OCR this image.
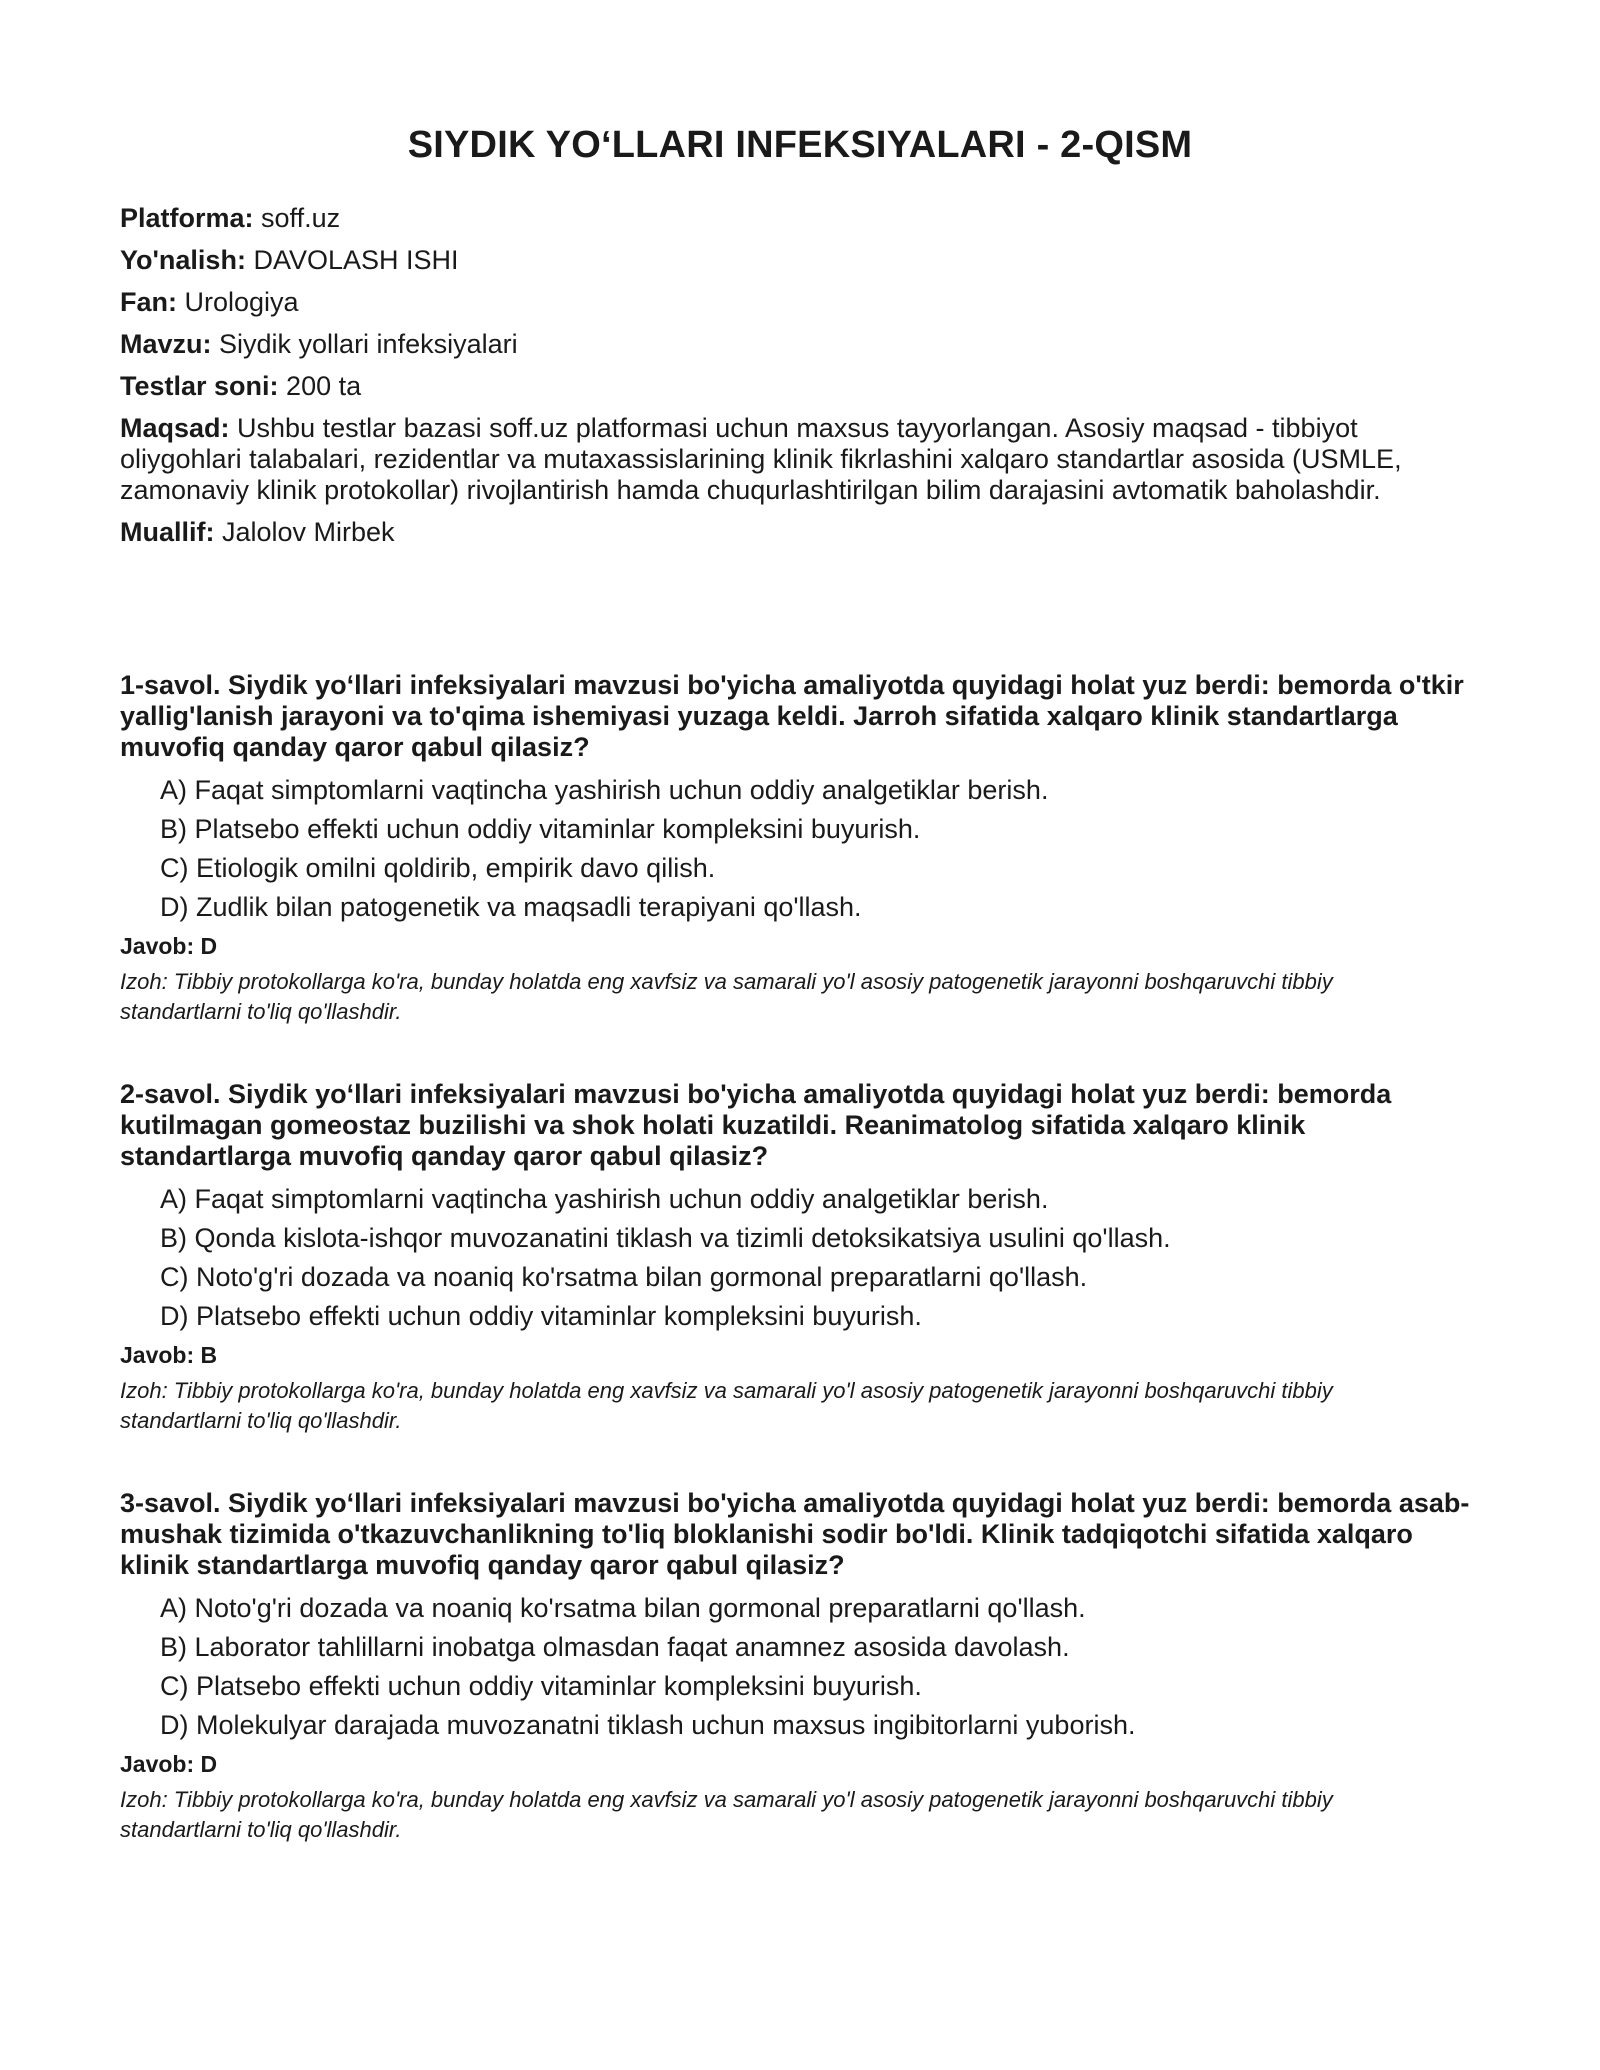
SIYDIK YO‘LLARI INFEKSIYALARI - 2-QISM
Platforma: soff.uz
Yo'nalish: DAVOLASH ISHI
Fan: Urologiya
Mavzu: Siydik yollari infeksiyalari
Testlar soni: 200 ta
Maqsad: Ushbu testlar bazasi soff.uz platformasi uchun maxsus tayyorlangan. Asosiy maqsad - tibbiyot oliygohlari talabalari, rezidentlar va mutaxassislarining klinik fikrlashini xalqaro standartlar asosida (USMLE, zamonaviy klinik protokollar) rivojlantirish hamda chuqurlashtirilgan bilim darajasini avtomatik baholashdir.
Muallif: Jalolov Mirbek

1-savol. Siydik yo‘llari infeksiyalari mavzusi bo'yicha amaliyotda quyidagi holat yuz berdi: bemorda o'tkir yallig'lanish jarayoni va to'qima ishemiyasi yuzaga keldi. Jarroh sifatida xalqaro klinik standartlarga muvofiq qanday qaror qabul qilasiz?

A) Faqat simptomlarni vaqtincha yashirish uchun oddiy analgetiklar berish.
B) Platsebo effekti uchun oddiy vitaminlar kompleksini buyurish.
C) Etiologik omilni qoldirib, empirik davo qilish.
D) Zudlik bilan patogenetik va maqsadli terapiyani qo'llash.
Javob: D

Izoh: Tibbiy protokollarga ko'ra, bunday holatda eng xavfsiz va samarali yo'l asosiy patogenetik jarayonni boshqaruvchi tibbiy standartlarni to'liq qo'llashdir.

2-savol. Siydik yo‘llari infeksiyalari mavzusi bo'yicha amaliyotda quyidagi holat yuz berdi: bemorda kutilmagan gomeostaz buzilishi va shok holati kuzatildi. Reanimatolog sifatida xalqaro klinik standartlarga muvofiq qanday qaror qabul qilasiz?

A) Faqat simptomlarni vaqtincha yashirish uchun oddiy analgetiklar berish.
B) Qonda kislota-ishqor muvozanatini tiklash va tizimli detoksikatsiya usulini qo'llash.
C) Noto'g'ri dozada va noaniq ko'rsatma bilan gormonal preparatlarni qo'llash.
D) Platsebo effekti uchun oddiy vitaminlar kompleksini buyurish.
Javob: B

Izoh: Tibbiy protokollarga ko'ra, bunday holatda eng xavfsiz va samarali yo'l asosiy patogenetik jarayonni boshqaruvchi tibbiy standartlarni to'liq qo'llashdir.

3-savol. Siydik yo‘llari infeksiyalari mavzusi bo'yicha amaliyotda quyidagi holat yuz berdi: bemorda asab-mushak tizimida o'tkazuvchanlikning to'liq bloklanishi sodir bo'ldi. Klinik tadqiqotchi sifatida xalqaro klinik standartlarga muvofiq qanday qaror qabul qilasiz?

A) Noto'g'ri dozada va noaniq ko'rsatma bilan gormonal preparatlarni qo'llash.
B) Laborator tahlillarni inobatga olmasdan faqat anamnez asosida davolash.
C) Platsebo effekti uchun oddiy vitaminlar kompleksini buyurish.
D) Molekulyar darajada muvozanatni tiklash uchun maxsus ingibitorlarni yuborish.
Javob: D

Izoh: Tibbiy protokollarga ko'ra, bunday holatda eng xavfsiz va samarali yo'l asosiy patogenetik jarayonni boshqaruvchi tibbiy standartlarni to'liq qo'llashdir.
